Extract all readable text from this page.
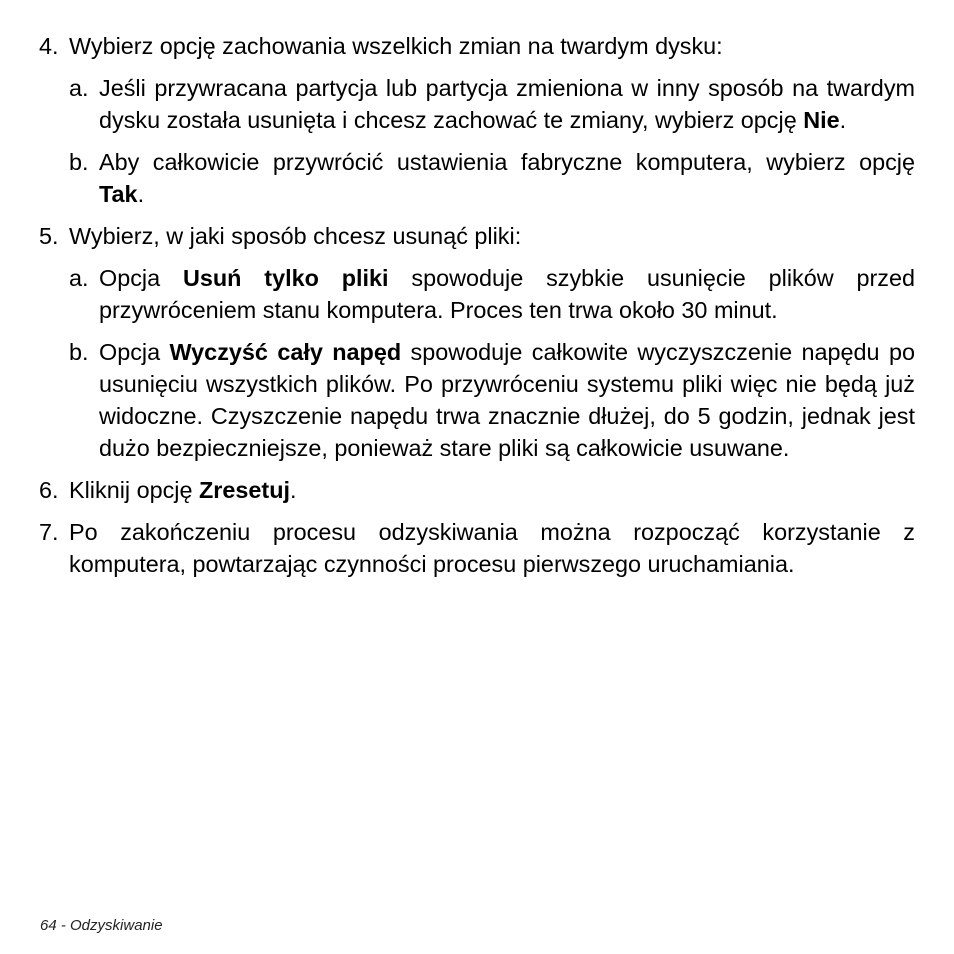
4. Wybierz opcję zachowania wszelkich zmian na twardym dysku:
a. Jeśli przywracana partycja lub partycja zmieniona w inny sposób na twardym dysku została usunięta i chcesz zachować te zmiany, wybierz opcję Nie.
b. Aby całkowicie przywrócić ustawienia fabryczne komputera, wybierz opcję Tak.
5. Wybierz, w jaki sposób chcesz usunąć pliki:
a. Opcja Usuń tylko pliki spowoduje szybkie usunięcie plików przed przywróceniem stanu komputera. Proces ten trwa około 30 minut.
b. Opcja Wyczyść cały napęd spowoduje całkowite wyczyszczenie napędu po usunięciu wszystkich plików. Po przywróceniu systemu pliki więc nie będą już widoczne. Czyszczenie napędu trwa znacznie dłużej, do 5 godzin, jednak jest dużo bezpieczniejsze, ponieważ stare pliki są całkowicie usuwane.
6. Kliknij opcję Zresetuj.
7. Po zakończeniu procesu odzyskiwania można rozpocząć korzystanie z komputera, powtarzając czynności procesu pierwszego uruchamiania.
64 - Odzyskiwanie
